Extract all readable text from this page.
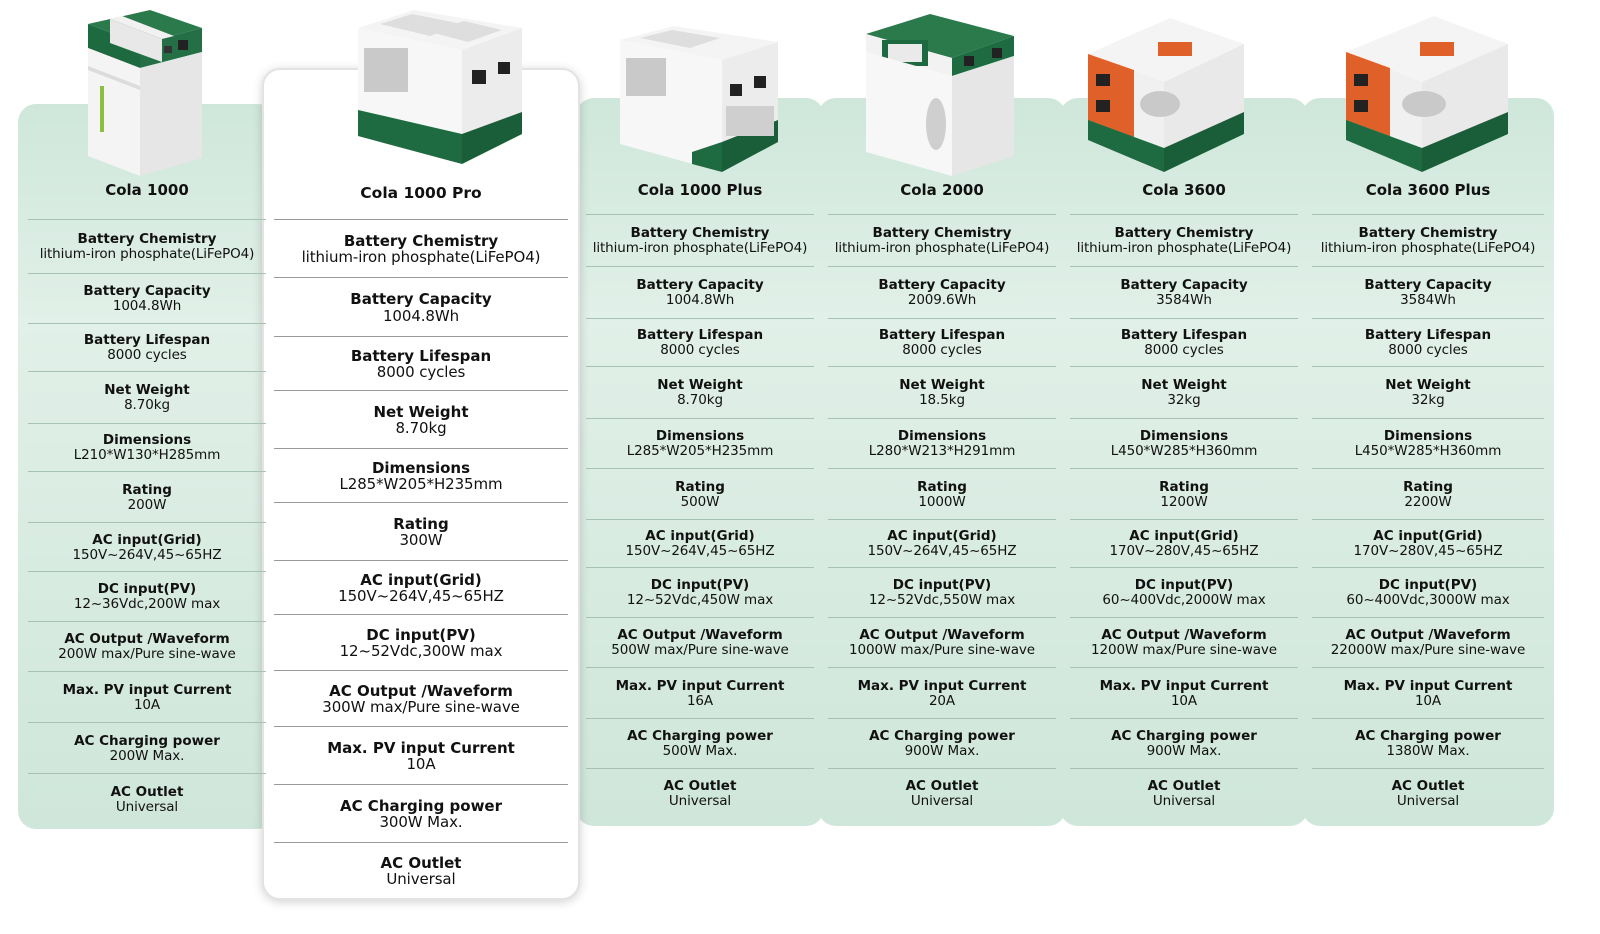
Cola 1000
Battery Chemistry
lithium-iron phosphate(LiFePO4)
Battery Capacity
1004.8Wh
Battery Lifespan
8000 cycles
Net Weight
8.70kg
Dimensions
L210*W130*H285mm
Rating
200W
AC input(Grid)
150V~264V,45~65HZ
DC input(PV)
12~36Vdc,200W max
AC Output /Waveform
200W max/Pure sine-wave
Max. PV input Current
10A
AC Charging power
200W Max.
AC Outlet
Universal
Cola 1000 Pro
Battery Chemistry
lithium-iron phosphate(LiFePO4)
Battery Capacity
1004.8Wh
Battery Lifespan
8000 cycles
Net Weight
8.70kg
Dimensions
L285*W205*H235mm
Rating
300W
AC input(Grid)
150V~264V,45~65HZ
DC input(PV)
12~52Vdc,300W max
AC Output /Waveform
300W max/Pure sine-wave
Max. PV input Current
10A
AC Charging power
300W Max.
AC Outlet
Universal
Cola 1000 Plus
Battery Chemistry
lithium-iron phosphate(LiFePO4)
Battery Capacity
1004.8Wh
Battery Lifespan
8000 cycles
Net Weight
8.70kg
Dimensions
L285*W205*H235mm
Rating
500W
AC input(Grid)
150V~264V,45~65HZ
DC input(PV)
12~52Vdc,450W max
AC Output /Waveform
500W max/Pure sine-wave
Max. PV input Current
16A
AC Charging power
500W Max.
AC Outlet
Universal
Cola 2000
Battery Chemistry
lithium-iron phosphate(LiFePO4)
Battery Capacity
2009.6Wh
Battery Lifespan
8000 cycles
Net Weight
18.5kg
Dimensions
L280*W213*H291mm
Rating
1000W
AC input(Grid)
150V~264V,45~65HZ
DC input(PV)
12~52Vdc,550W max
AC Output /Waveform
1000W max/Pure sine-wave
Max. PV input Current
20A
AC Charging power
900W Max.
AC Outlet
Universal
Cola 3600
Battery Chemistry
lithium-iron phosphate(LiFePO4)
Battery Capacity
3584Wh
Battery Lifespan
8000 cycles
Net Weight
32kg
Dimensions
L450*W285*H360mm
Rating
1200W
AC input(Grid)
170V~280V,45~65HZ
DC input(PV)
60~400Vdc,2000W max
AC Output /Waveform
1200W max/Pure sine-wave
Max. PV input Current
10A
AC Charging power
900W Max.
AC Outlet
Universal
Cola 3600 Plus
Battery Chemistry
lithium-iron phosphate(LiFePO4)
Battery Capacity
3584Wh
Battery Lifespan
8000 cycles
Net Weight
32kg
Dimensions
L450*W285*H360mm
Rating
2200W
AC input(Grid)
170V~280V,45~65HZ
DC input(PV)
60~400Vdc,3000W max
AC Output /Waveform
22000W max/Pure sine-wave
Max. PV input Current
10A
AC Charging power
1380W Max.
AC Outlet
Universal
